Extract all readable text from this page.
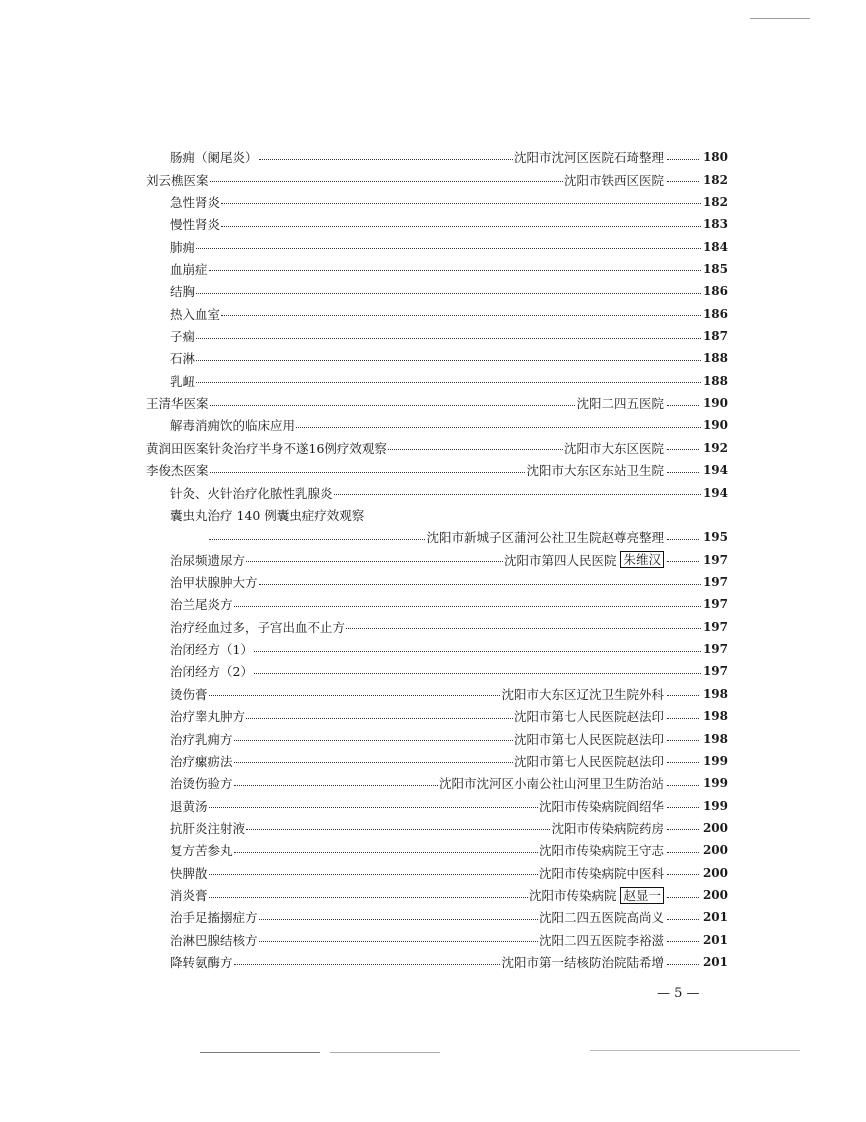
肠痈（阑尾炎）	沈阳市沈河区医院石琦整理	180
刘云樵医案	沈阳市铁西区医院	182
急性肾炎	182
慢性肾炎	183
肺痈	184
血崩症	185
结胸	186
热入血室	186
子痫	187
石淋	188
乳衄	188
王清华医案	沈阳二四五医院	190
解毒消痈饮的临床应用	190
黄润田医案针灸治疗半身不遂16例疗效观察	沈阳市大东区医院	192
李俊杰医案	沈阳市大东区东站卫生院	194
针灸、火针治疗化脓性乳腺炎	194
囊虫丸治疗 140 例囊虫症疗效观察
沈阳市新城子区蒲河公社卫生院赵尊亮整理	195
治尿频遗尿方	沈阳市第四人民医院 朱维汉	197
治甲状腺肿大方	197
治兰尾炎方	197
治疗经血过多，子宫出血不止方	197
治闭经方（1）	197
治闭经方（2）	197
烫伤膏	沈阳市大东区辽沈卫生院外科	198
治疗睾丸肿方	沈阳市第七人民医院赵法印	198
治疗乳痈方	沈阳市第七人民医院赵法印	198
治疗瘰疬法	沈阳市第七人民医院赵法印	199
治烫伤验方	沈阳市沈河区小南公社山河里卫生防治站	199
退黄汤	沈阳市传染病院阎绍华	199
抗肝炎注射液	沈阳市传染病院药房	200
复方苦参丸	沈阳市传染病院王守志	200
快脾散	沈阳市传染病院中医科	200
消炎膏	沈阳市传染病院 赵显一	200
治手足搐搦症方	沈阳二四五医院高尚义	201
治淋巴腺结核方	沈阳二四五医院李裕滋	201
降转氨酶方	沈阳市第一结核防治院陆希增	201
— 5 —
